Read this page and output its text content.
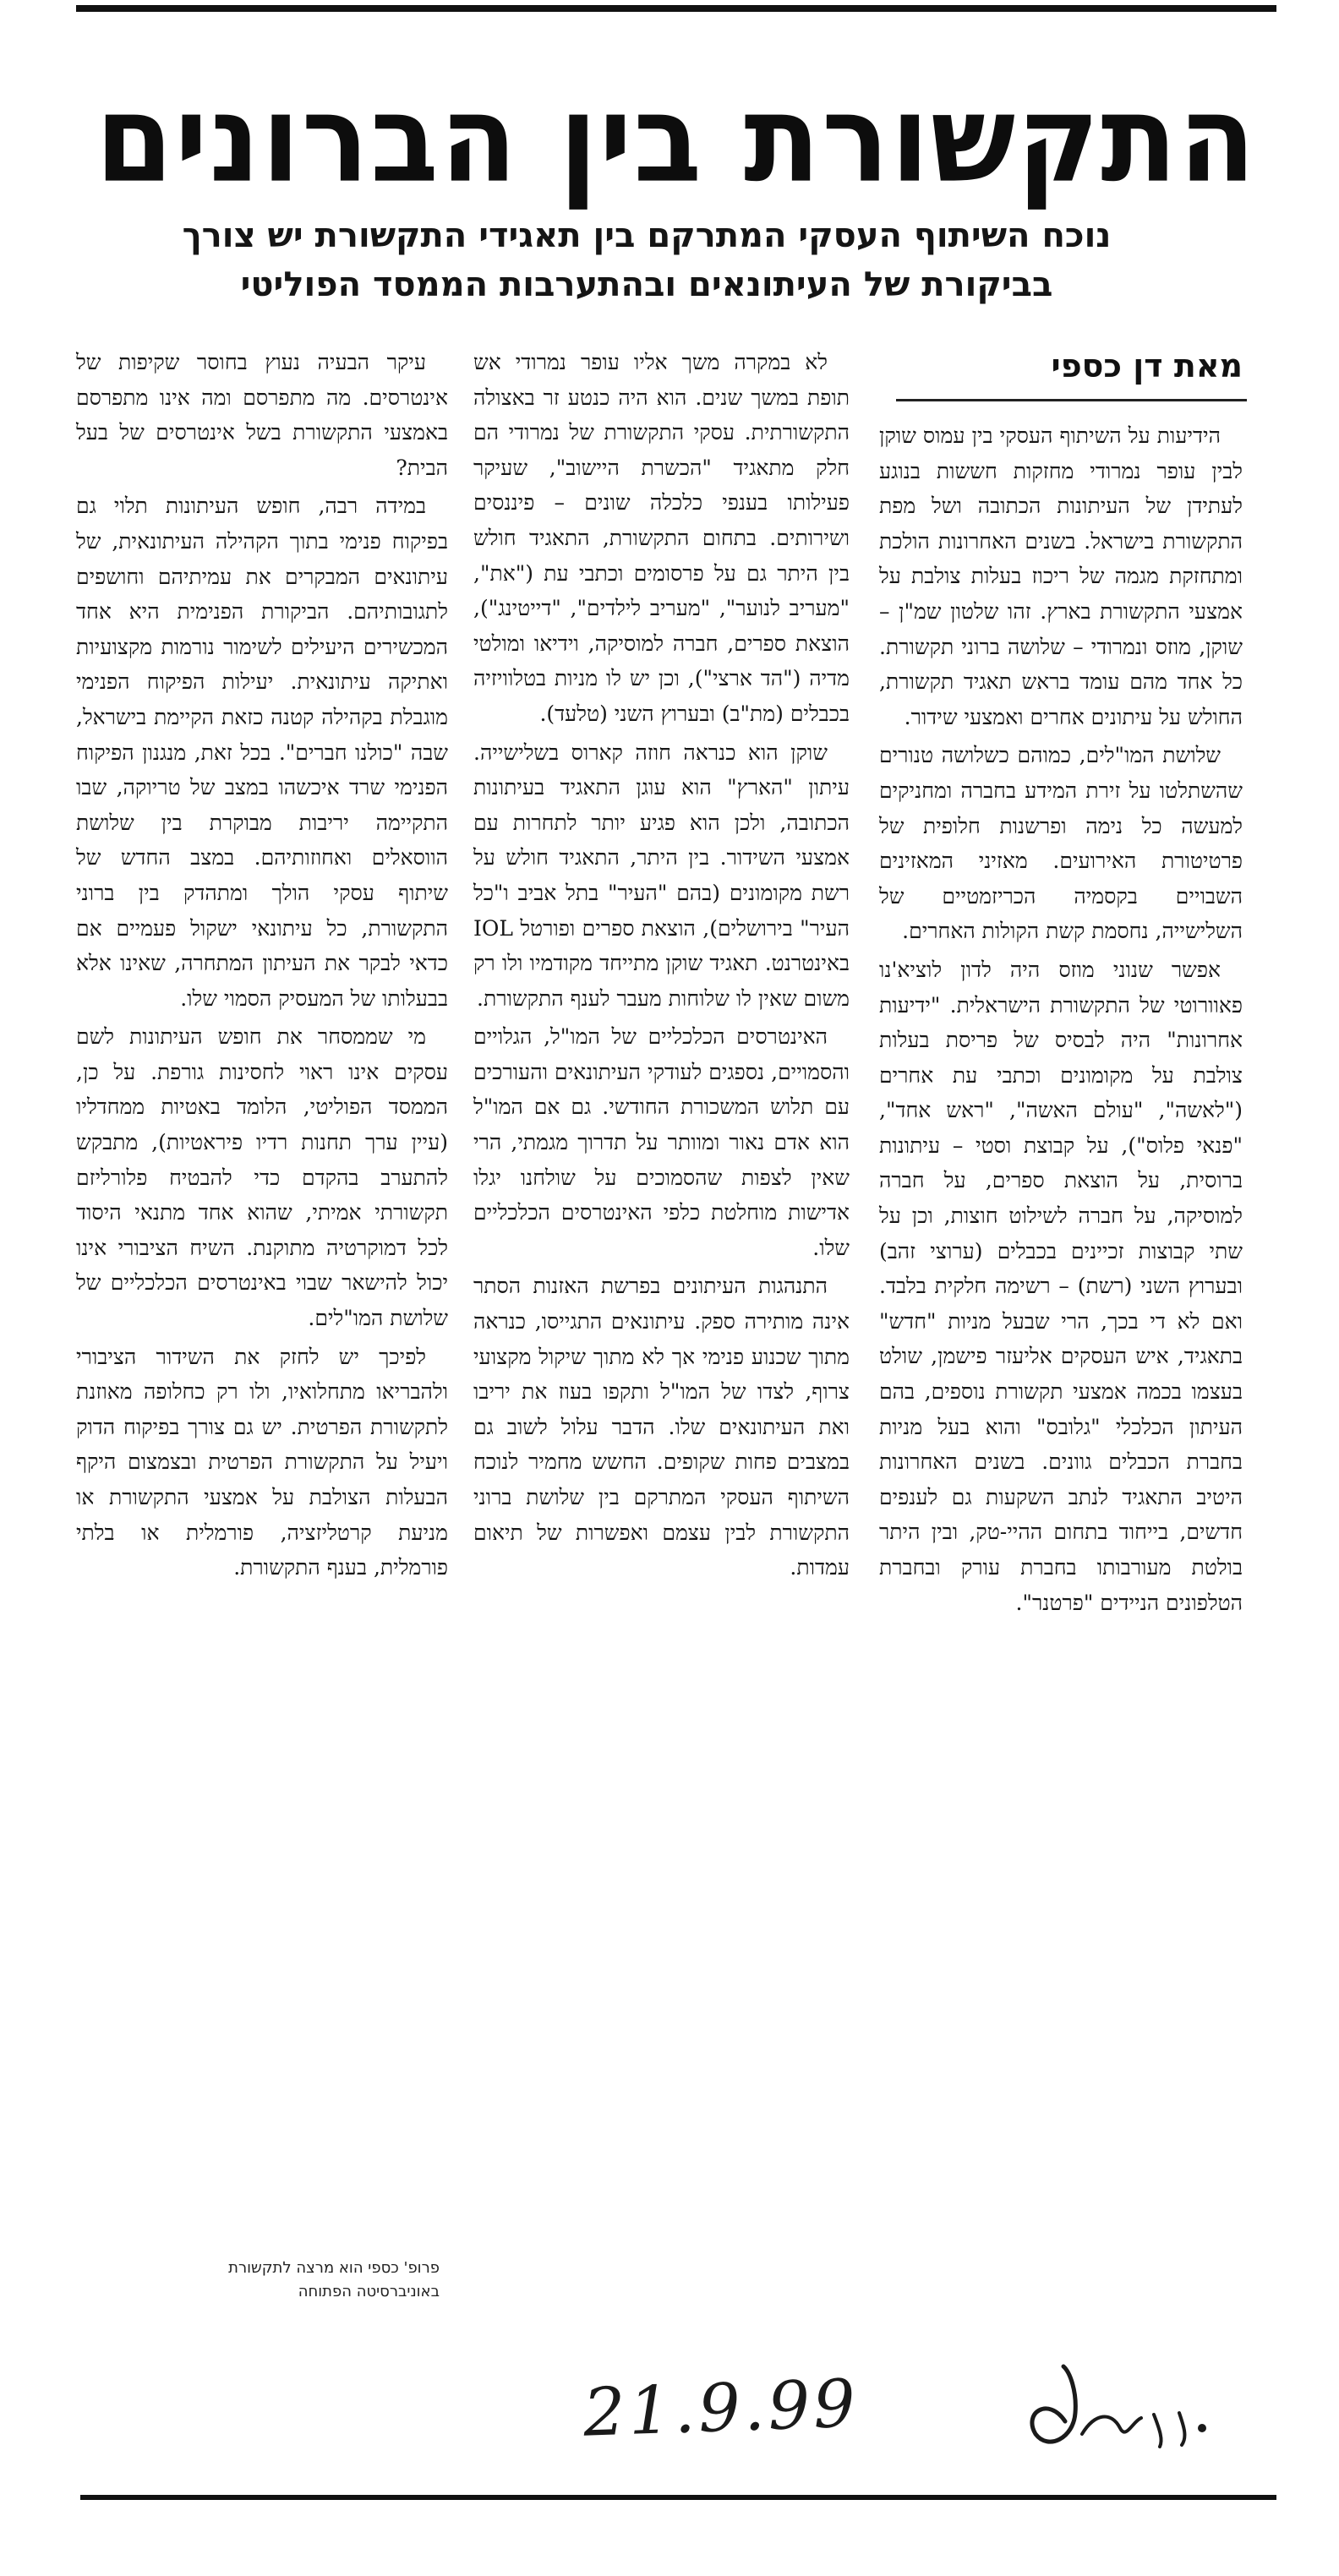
התקשורת בין הברונים
נוכח השיתוף העסקי המתרקם בין תאגידי התקשורת יש צורך
בביקורת של העיתונאים ובהתערבות הממסד הפוליטי
מאת דן כספי

הידיעות על השיתוף העסקי בין עמוס שוקן לבין עופר נמרודי מחזקות חששות בנוגע לעתידן של העיתונות הכתובה ושל מפת התקשורת בישראל. בשנים האחרונות הולכת ומתחזקת מגמה של ריכוז בעלות צולבת על אמצעי התקשורת בארץ. זהו שלטון שמ"ן – שוקן, מוזס ונמרודי – שלושה ברוני תקשורת. כל אחד מהם עומד בראש תאגיד תקשורת, החולש על עיתונים אחרים ואמצעי שידור.

שלושת המו"לים, כמוהם כשלושה טנורים שהשתלטו על זירת המידע בחברה ומחניקים למעשה כל נימה ופרשנות חלופית של פרטיטורת האירועים. מאזיני המאזינים השבויים בקסמיה הכריזמטיים של השלישייה, נחסמת קשת הקולות האחרים.

אפשר שנוני מוזס היה לדון לוציא'נו פאוורוטי של התקשורת הישראלית. "ידיעות אחרונות" היה לבסיס של פריסת בעלות צולבת על מקומונים וכתבי עת אחרים ("לאשה", "עולם האשה", "ראש אחד", "פנאי פלוס"), על קבוצת וסטי – עיתונות ברוסית, על הוצאת ספרים, על חברה למוסיקה, על חברה לשילוט חוצות, וכן על שתי קבוצות זכיינים בכבלים (ערוצי זהב) ובערוץ השני (רשת) – רשימה חלקית בלבד. ואם לא די בכך, הרי שבעל מניות "חדש" בתאגיד, איש העסקים אליעזר פישמן, שולט בעצמו בכמה אמצעי תקשורת נוספים, בהם העיתון הכלכלי "גלובס" והוא בעל מניות בחברת הכבלים גוונים. בשנים האחרונות היטיב התאגיד לנתב השקעות גם לענפים חדשים, בייחוד בתחום ההיי-טק, ובין היתר בולטת מעורבותו בחברת עורק ובחברת הטלפונים הניידים "פרטנר".

לא במקרה משך אליו עופר נמרודי אש תופת במשך שנים. הוא היה כנטע זר באצולה התקשורתית. עסקי התקשורת של נמרודי הם חלק מתאגיד "הכשרת היישוב", שעיקר פעילותו בענפי כלכלה שונים – פיננסים ושירותים. בתחום התקשורת, התאגיד חולש בין היתר גם על פרסומים וכתבי עת ("את", "מעריב לנוער", "מעריב לילדים", "דייטינג"), הוצאת ספרים, חברה למוסיקה, וידיאו ומולטי מדיה ("הד ארצי"), וכן יש לו מניות בטלוויזיה בכבלים (מת"ב) ובערוץ השני (טלעד).

שוקן הוא כנראה חוזה קארוס בשלישייה. עיתון "הארץ" הוא עוגן התאגיד בעיתונות הכתובה, ולכן הוא פגיע יותר לתחרות עם אמצעי השידור. בין היתר, התאגיד חולש על רשת מקומונים (בהם "העיר" בתל אביב ו"כל העיר" בירושלים), הוצאת ספרים ופורטל IOL באינטרנט. תאגיד שוקן מתייחד מקודמיו ולו רק משום שאין לו שלוחות מעבר לענף התקשורת.

האינטרסים הכלכליים של המו"ל, הגלויים והסמויים, נספגים לעודקי העיתונאים והעורכים עם תלוש המשכורת החודשי. גם אם המו"ל הוא אדם נאור ומוותר על תדרוך מגמתי, הרי שאין לצפות שהסמוכים על שולחנו יגלו אדישות מוחלטת כלפי האינטרסים הכלכליים שלו.

התנהגות העיתונים בפרשת האזנות הסתר אינה מותירה ספק. עיתונאים התגייסו, כנראה מתוך שכנוע פנימי אך לא מתוך שיקול מקצועי צרוף, לצדו של המו"ל ותקפו בעוז את יריבו ואת העיתונאים שלו. הדבר עלול לשוב גם במצבים פחות שקופים. החשש מחמיר לנוכח השיתוף העסקי המתרקם בין שלושת ברוני התקשורת לבין עצמם ואפשרות של תיאום עמדות.

עיקר הבעיה נעוץ בחוסר שקיפות של אינטרסים. מה מתפרסם ומה אינו מתפרסם באמצעי התקשורת בשל אינטרסים של בעל הבית?

במידה רבה, חופש העיתונות תלוי גם בפיקוח פנימי בתוך הקהילה העיתונאית, של עיתונאים המבקרים את עמיתיהם וחושפים לתגובותיהם. הביקורת הפנימית היא אחד המכשירים היעילים לשימור נורמות מקצועיות ואתיקה עיתונאית. יעילות הפיקוח הפנימי מוגבלת בקהילה קטנה כזאת הקיימת בישראל, שבה "כולנו חברים". בכל זאת, מנגנון הפיקוח הפנימי שרד איכשהו במצב של טריוקה, שבו התקיימה יריבות מבוקרת בין שלושת הווסאלים ואחוזותיהם. במצב החדש של שיתוף עסקי הולך ומתהדק בין ברוני התקשורת, כל עיתונאי ישקול פעמיים אם כדאי לבקר את העיתון המתחרה, שאינו אלא בבעלותו של המעסיק הסמוי שלו.

מי שממסחר את חופש העיתונות לשם עסקים אינו ראוי לחסינות גורפת. על כן, הממסד הפוליטי, הלומד באטיות ממחדליו (עיין ערך תחנות רדיו פיראטיות), מתבקש להתערב בהקדם כדי להבטיח פלורליזם תקשורתי אמיתי, שהוא אחד מתנאי היסוד לכל דמוקרטיה מתוקנת. השיח הציבורי אינו יכול להישאר שבוי באינטרסים הכלכליים של שלושת המו"לים.

לפיכך יש לחזק את השידור הציבורי ולהבריאו מתחלואיו, ולו רק כחלופה מאוזנת לתקשורת הפרטית. יש גם צורך בפיקוח הדוק ויעיל על התקשורת הפרטית ובצמצום היקף הבעלות הצולבת על אמצעי התקשורת או מניעת קרטליזציה, פורמלית או בלתי פורמלית, בענף התקשורת.

פרופ' כספי הוא מרצה לתקשורת
באוניברסיטה הפתוחה
21.9.99
